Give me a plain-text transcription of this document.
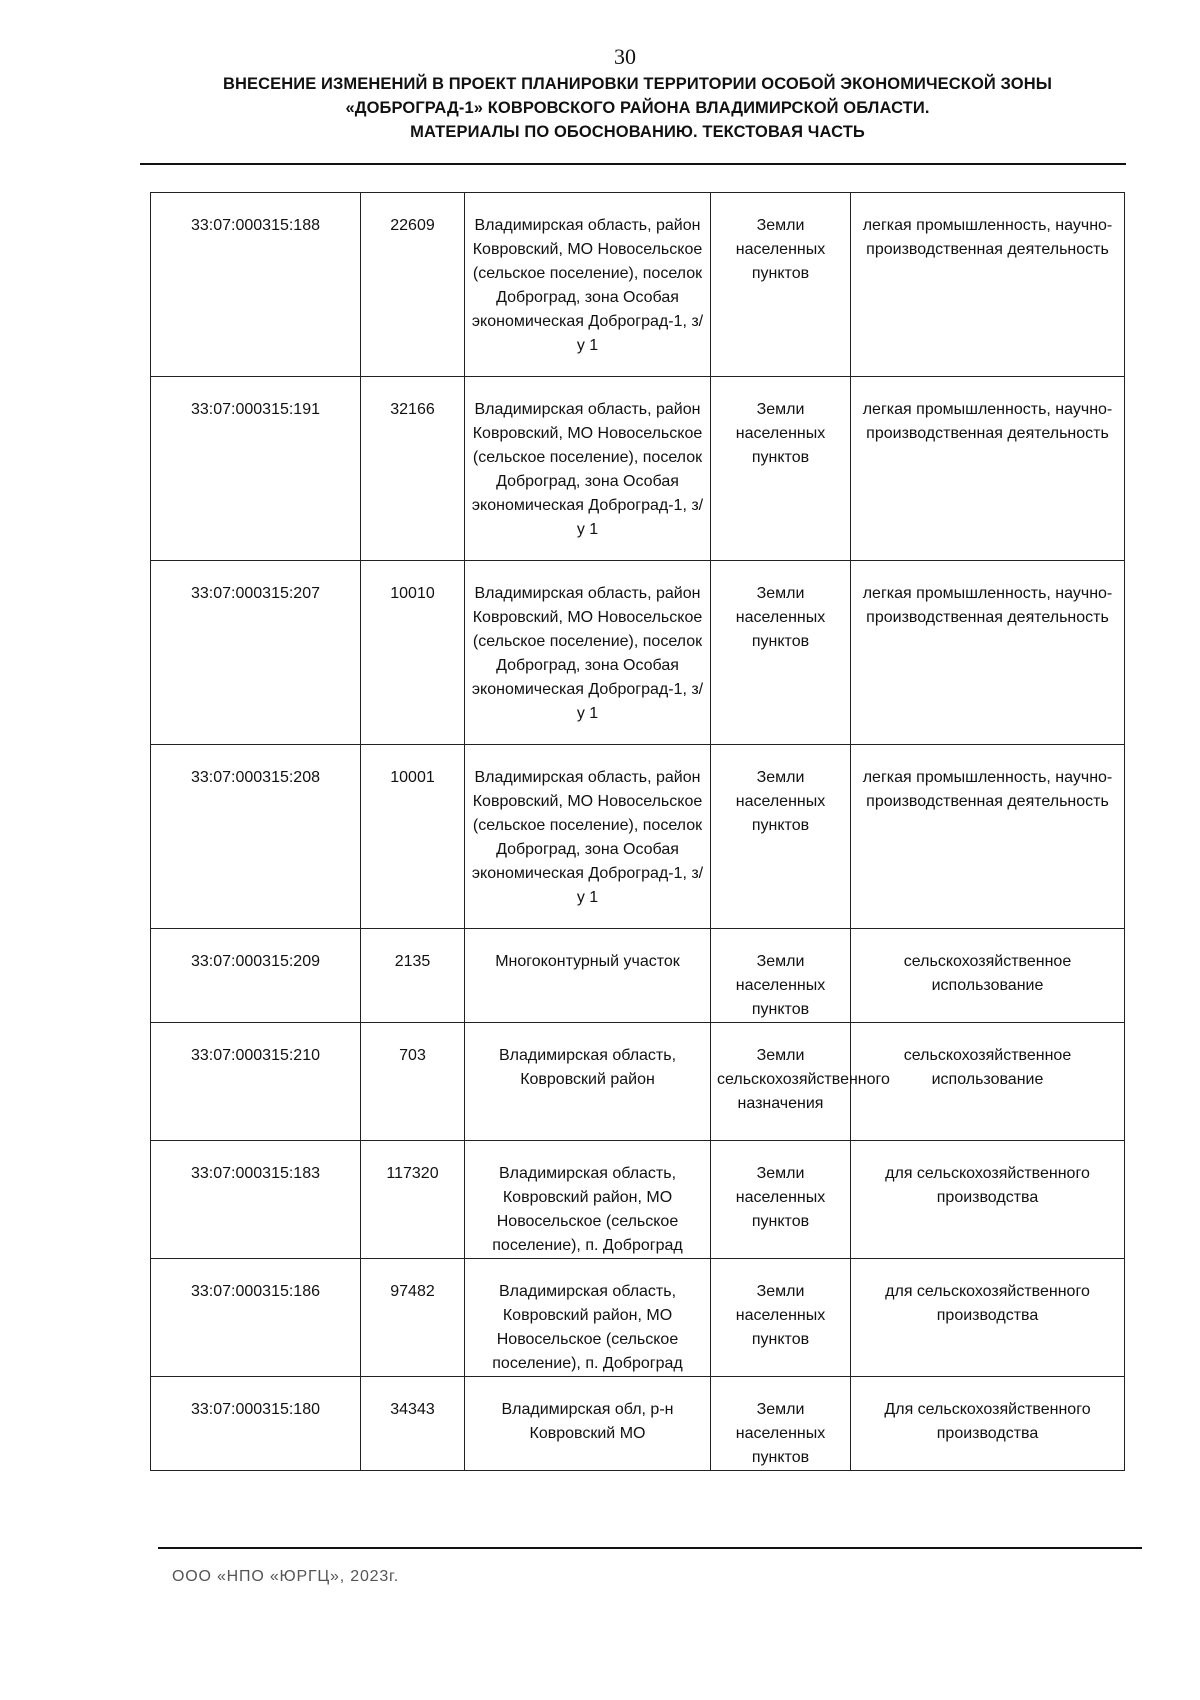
30
ВНЕСЕНИЕ ИЗМЕНЕНИЙ В ПРОЕКТ ПЛАНИРОВКИ ТЕРРИТОРИИ ОСОБОЙ ЭКОНОМИЧЕСКОЙ ЗОНЫ
«ДОБРОГРАД-1» КОВРОВСКОГО РАЙОНА ВЛАДИМИРСКОЙ ОБЛАСТИ.
МАТЕРИАЛЫ ПО ОБОСНОВАНИЮ. ТЕКСТОВАЯ ЧАСТЬ
33:07:000315:188	22609	Владимирская область, район Ковровский, МО Новосельское (сельское поселение), поселок Доброград, зона Особая экономическая Доброград-1, з/у 1	Земли населенных пунктов	легкая промышленность, научно-производственная деятельность
33:07:000315:191	32166	Владимирская область, район Ковровский, МО Новосельское (сельское поселение), поселок Доброград, зона Особая экономическая Доброград-1, з/у 1	Земли населенных пунктов	легкая промышленность, научно-производственная деятельность
33:07:000315:207	10010	Владимирская область, район Ковровский, МО Новосельское (сельское поселение), поселок Доброград, зона Особая экономическая Доброград-1, з/у 1	Земли населенных пунктов	легкая промышленность, научно-производственная деятельность
33:07:000315:208	10001	Владимирская область, район Ковровский, МО Новосельское (сельское поселение), поселок Доброград, зона Особая экономическая Доброград-1, з/у 1	Земли населенных пунктов	легкая промышленность, научно-производственная деятельность
33:07:000315:209	2135	Многоконтурный участок	Земли населенных пунктов	сельскохозяйственное использование
33:07:000315:210	703	Владимирская область, Ковровский район	Земли сельскохозяйственного назначения	сельскохозяйственное использование
33:07:000315:183	117320	Владимирская область, Ковровский район, МО Новосельское (сельское поселение), п. Доброград	Земли населенных пунктов	для сельскохозяйственного производства
33:07:000315:186	97482	Владимирская область, Ковровский район, МО Новосельское (сельское поселение), п. Доброград	Земли населенных пунктов	для сельскохозяйственного производства
33:07:000315:180	34343	Владимирская обл, р-н Ковровский МО	Земли населенных пунктов	Для сельскохозяйственного производства
ООО «НПО «ЮРГЦ», 2023г.
